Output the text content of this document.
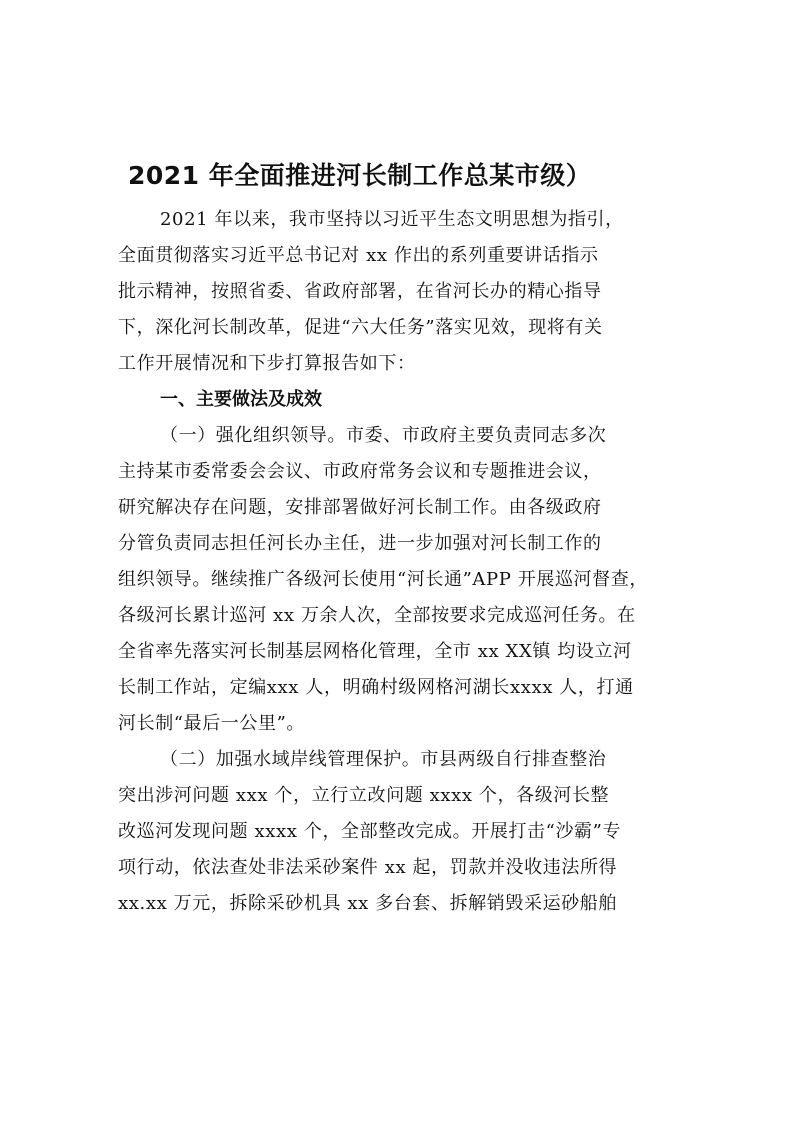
2021 年全面推进河长制工作总某市级）
2021 年以来，我市坚持以习近平生态文明思想为指引，
全面贯彻落实习近平总书记对 xx 作出的系列重要讲话指示
批示精神，按照省委、省政府部署，在省河长办的精心指导
下，深化河长制改革，促进“六大任务”落实见效，现将有关
工作开展情况和下步打算报告如下：
一、主要做法及成效
（一）强化组织领导。市委、市政府主要负责同志多次
主持某市委常委会会议、市政府常务会议和专题推进会议，
研究解决存在问题，安排部署做好河长制工作。由各级政府
分管负责同志担任河长办主任，进一步加强对河长制工作的
组织领导。继续推广各级河长使用“河长通”APP 开展巡河督查，
各级河长累计巡河 xx 万余人次，全部按要求完成巡河任务。在
全省率先落实河长制基层网格化管理，全市 xx XX镇 均设立河
长制工作站，定编xxx 人，明确村级网格河湖长xxxx 人，打通
河长制“最后一公里”。
（二）加强水域岸线管理保护。市县两级自行排查整治
突出涉河问题 xxx 个，立行立改问题 xxxx 个，各级河长整
改巡河发现问题 xxxx 个，全部整改完成。开展打击“沙霸”专
项行动，依法查处非法采砂案件 xx 起，罚款并没收违法所得
xx.xx 万元，拆除采砂机具 xx 多台套、拆解销毁采运砂船舶
